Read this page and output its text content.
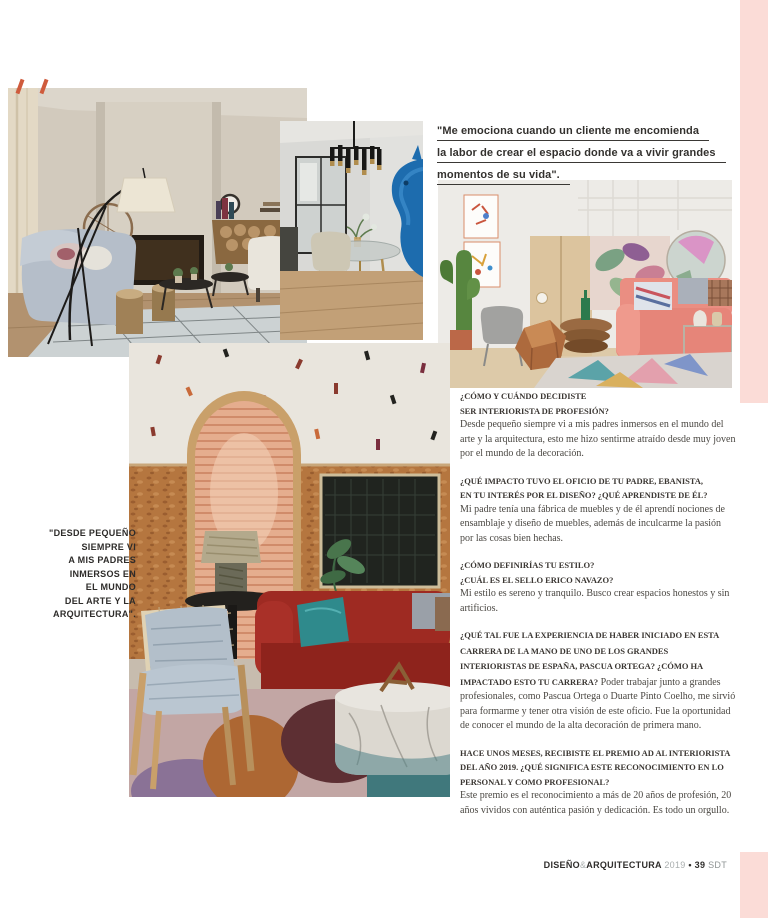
"Me emociona cuando un cliente me encomienda
la labor de crear el espacio donde va a vivir grandes
momentos de su vida".
"DESDE PEQUEÑO
SIEMPRE VI
A MIS PADRES
INMERSOS EN
EL MUNDO
DEL ARTE Y LA
ARQUITECTURA".
¿CÓMO Y CUÁNDO DECIDISTE
SER INTERIORISTA DE PROFESIÓN?

Desde pequeño siempre vi a mis padres inmersos en el mundo del arte y la arquitectura, esto me hizo sentirme atraído desde muy joven por el mundo de la decoración.

¿QUÉ IMPACTO TUVO EL OFICIO DE TU PADRE, EBANISTA,
EN TU INTERÉS POR EL DISEÑO? ¿QUÉ APRENDISTE DE ÉL?

Mi padre tenía una fábrica de muebles y de él aprendí nociones de ensamblaje y diseño de muebles, además de inculcarme la pasión por las cosas bien hechas.

¿CÓMO DEFINIRÍAS TU ESTILO?
¿CUÁL ES EL SELLO ERICO NAVAZO?

Mi estilo es sereno y tranquilo. Busco crear espacios honestos y sin artificios.

¿QUÉ TAL FUE LA EXPERIENCIA DE HABER INICIADO EN ESTA CARRERA DE LA MANO DE UNO DE LOS GRANDES INTERIORISTAS DE ESPAÑA, PASCUA ORTEGA? ¿CÓMO HA IMPACTADO ESTO TU CARRERA? Poder trabajar junto a grandes profesionales, como Pascua Ortega o Duarte Pinto Coelho, me sirvió para formarme y tener otra visión de este oficio. Fue la oportunidad de conocer el mundo de la alta decoración de primera mano.

HACE UNOS MESES, RECIBISTE EL PREMIO AD AL INTERIORISTA DEL AÑO 2019. ¿QUÉ SIGNIFICA ESTE RECONOCIMIENTO EN LO PERSONAL Y COMO PROFESIONAL?

Este premio es el reconocimiento a más de 20 años de profesión, 20 años vividos con auténtica pasión y dedicación. Es todo un orgullo.

DISEÑO&ARQUITECTURA 2019 • 39 SDT
